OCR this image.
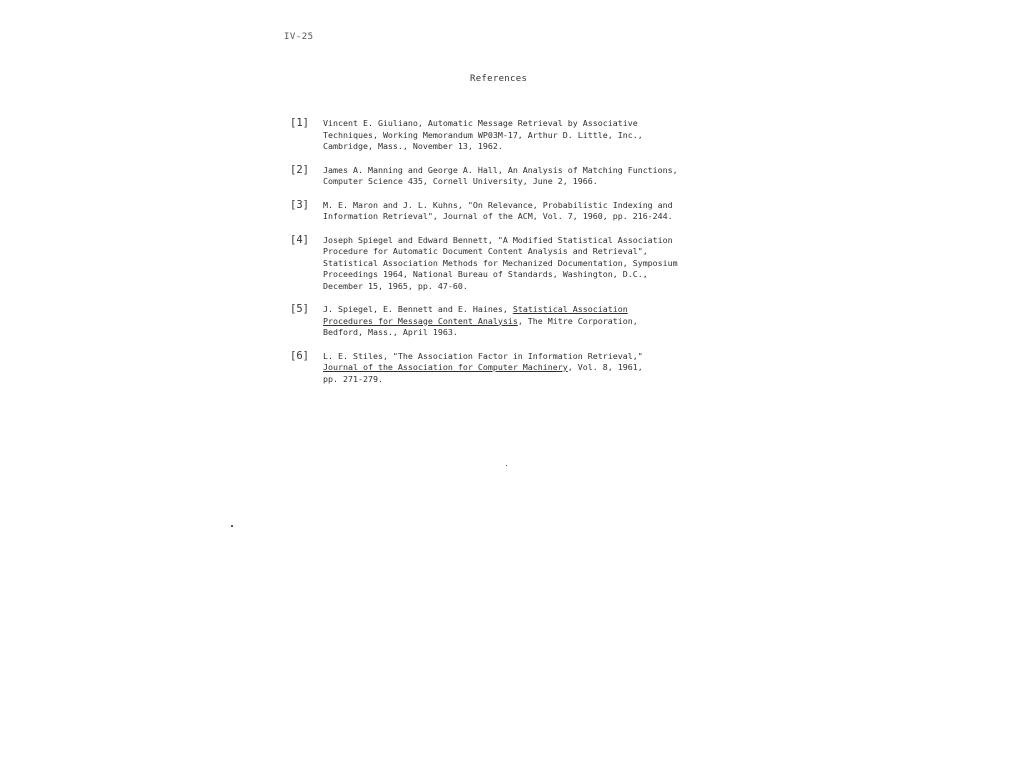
IV-25
References
[1]	Vincent E. Giuliano, Automatic Message Retrieval by Associative
Techniques, Working Memorandum WP03M-17, Arthur D. Little, Inc.,
Cambridge, Mass., November 13, 1962.
[2]	James A. Manning and George A. Hall, An Analysis of Matching Functions,
Computer Science 435, Cornell University, June 2, 1966.
[3]	M. E. Maron and J. L. Kuhns, "On Relevance, Probabilistic Indexing and
Information Retrieval", Journal of the ACM, Vol. 7, 1960, pp. 216-244.
[4]	Joseph Spiegel and Edward Bennett, "A Modified Statistical Association
Procedure for Automatic Document Content Analysis and Retrieval",
Statistical Association Methods for Mechanized Documentation, Symposium
Proceedings 1964, National Bureau of Standards, Washington, D.C.,
December 15, 1965, pp. 47-60.
[5]	J. Spiegel, E. Bennett and E. Haines, Statistical Association
Procedures for Message Content Analysis, The Mitre Corporation,
Bedford, Mass., April 1963.
[6]	L. E. Stiles, "The Association Factor in Information Retrieval,"
Journal of the Association for Computer Machinery, Vol. 8, 1961,
pp. 271-279.
